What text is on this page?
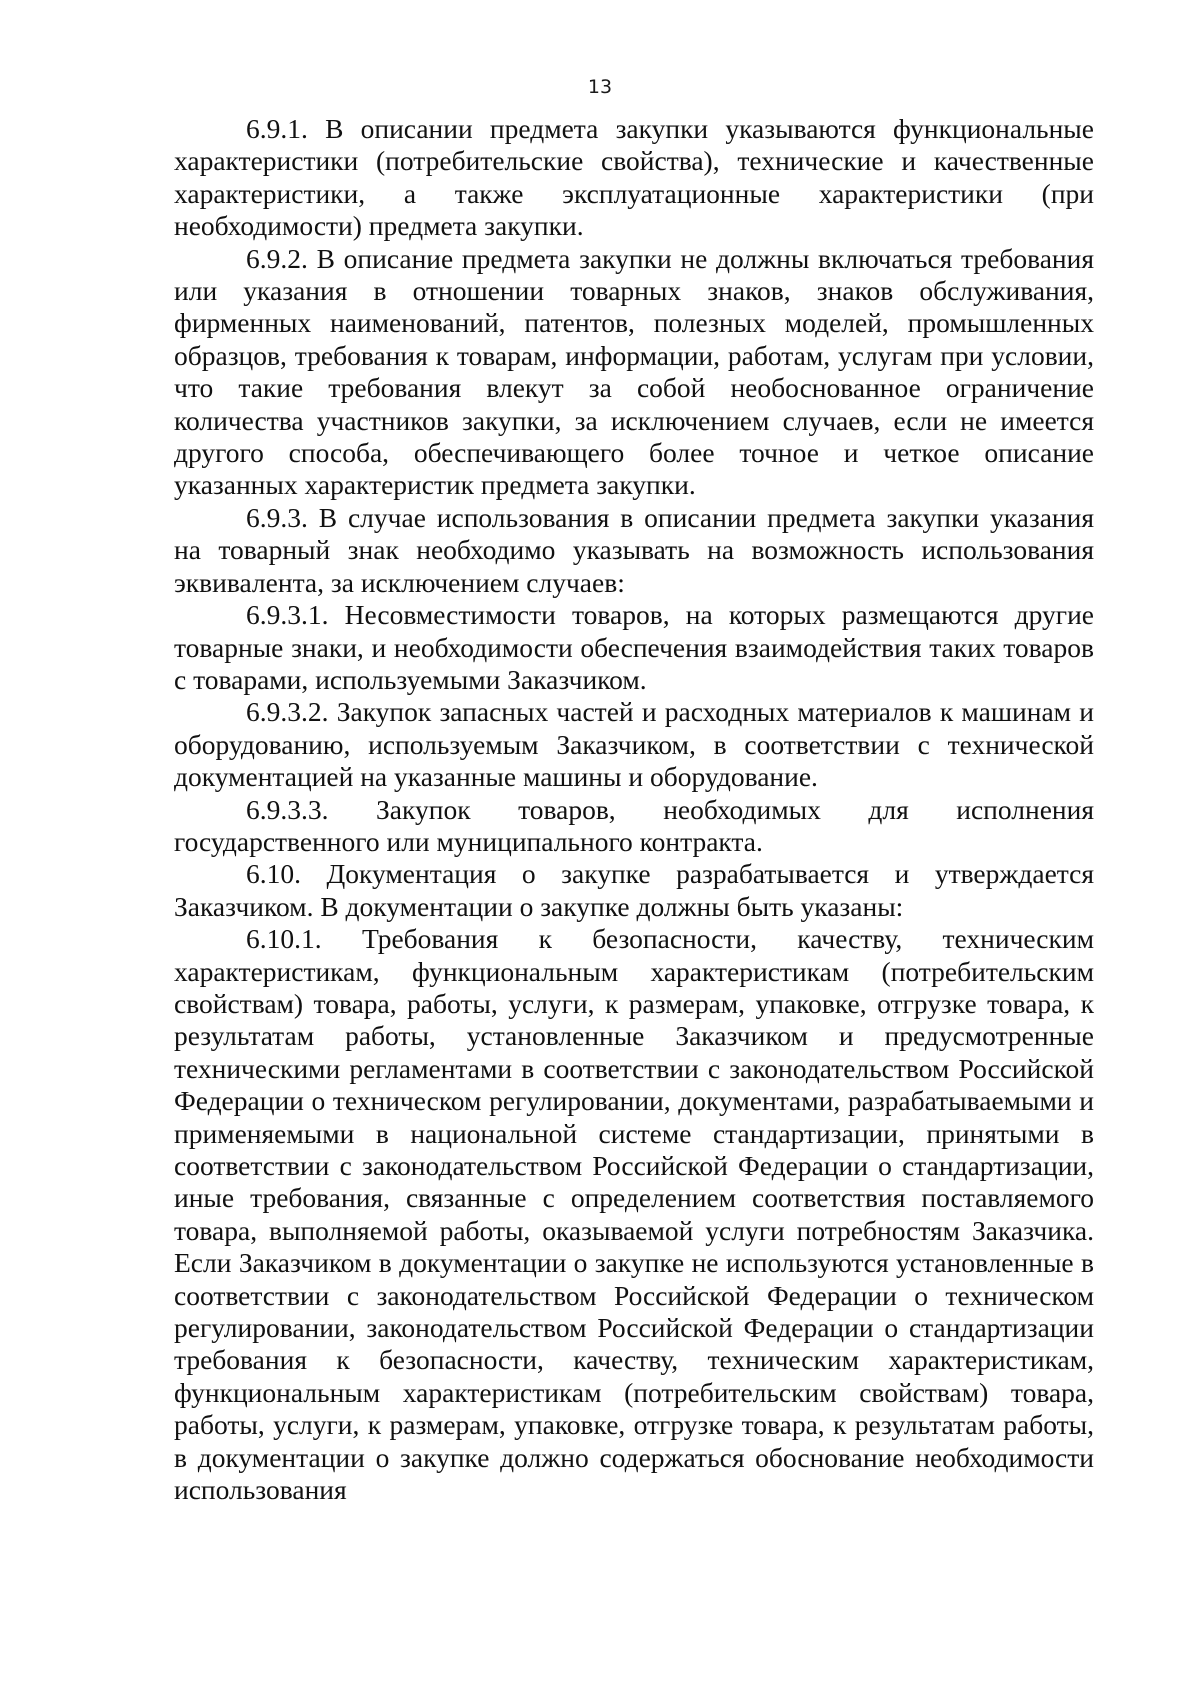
13

6.9.1. В описании предмета закупки указываются функциональные характеристики (потребительские свойства), технические и качественные характеристики, а также эксплуатационные характеристики (при необходимости) предмета закупки.

6.9.2. В описание предмета закупки не должны включаться требования или указания в отношении товарных знаков, знаков обслуживания, фирменных наименований, патентов, полезных моделей, промышленных образцов, требования к товарам, информации, работам, услугам при условии, что такие требования влекут за собой необоснованное ограничение количества участников закупки, за исключением случаев, если не имеется другого способа, обеспечивающего более точное и четкое описание указанных характеристик предмета закупки.

6.9.3. В случае использования в описании предмета закупки указания на товарный знак необходимо указывать на возможность использования эквивалента, за исключением случаев:

6.9.3.1. Несовместимости товаров, на которых размещаются другие товарные знаки, и необходимости обеспечения взаимодействия таких товаров с товарами, используемыми Заказчиком.

6.9.3.2. Закупок запасных частей и расходных материалов к машинам и оборудованию, используемым Заказчиком, в соответствии с технической документацией на указанные машины и оборудование.

6.9.3.3. Закупок товаров, необходимых для исполнения государственного или муниципального контракта.

6.10. Документация о закупке разрабатывается и утверждается Заказчиком. В документации о закупке должны быть указаны:

6.10.1. Требования к безопасности, качеству, техническим характеристикам, функциональным характеристикам (потребительским свойствам) товара, работы, услуги, к размерам, упаковке, отгрузке товара, к результатам работы, установленные Заказчиком и предусмотренные техническими регламентами в соответствии с законодательством Российской Федерации о техническом регулировании, документами, разрабатываемыми и применяемыми в национальной системе стандартизации, принятыми в соответствии с законодательством Российской Федерации о стандартизации, иные требования, связанные с определением соответствия поставляемого товара, выполняемой работы, оказываемой услуги потребностям Заказчика. Если Заказчиком в документации о закупке не используются установленные в соответствии с законодательством Российской Федерации о техническом регулировании, законодательством Российской Федерации о стандартизации требования к безопасности, качеству, техническим характеристикам, функциональным характеристикам (потребительским свойствам) товара, работы, услуги, к размерам, упаковке, отгрузке товара, к результатам работы, в документации о закупке должно содержаться обоснование необходимости использования
